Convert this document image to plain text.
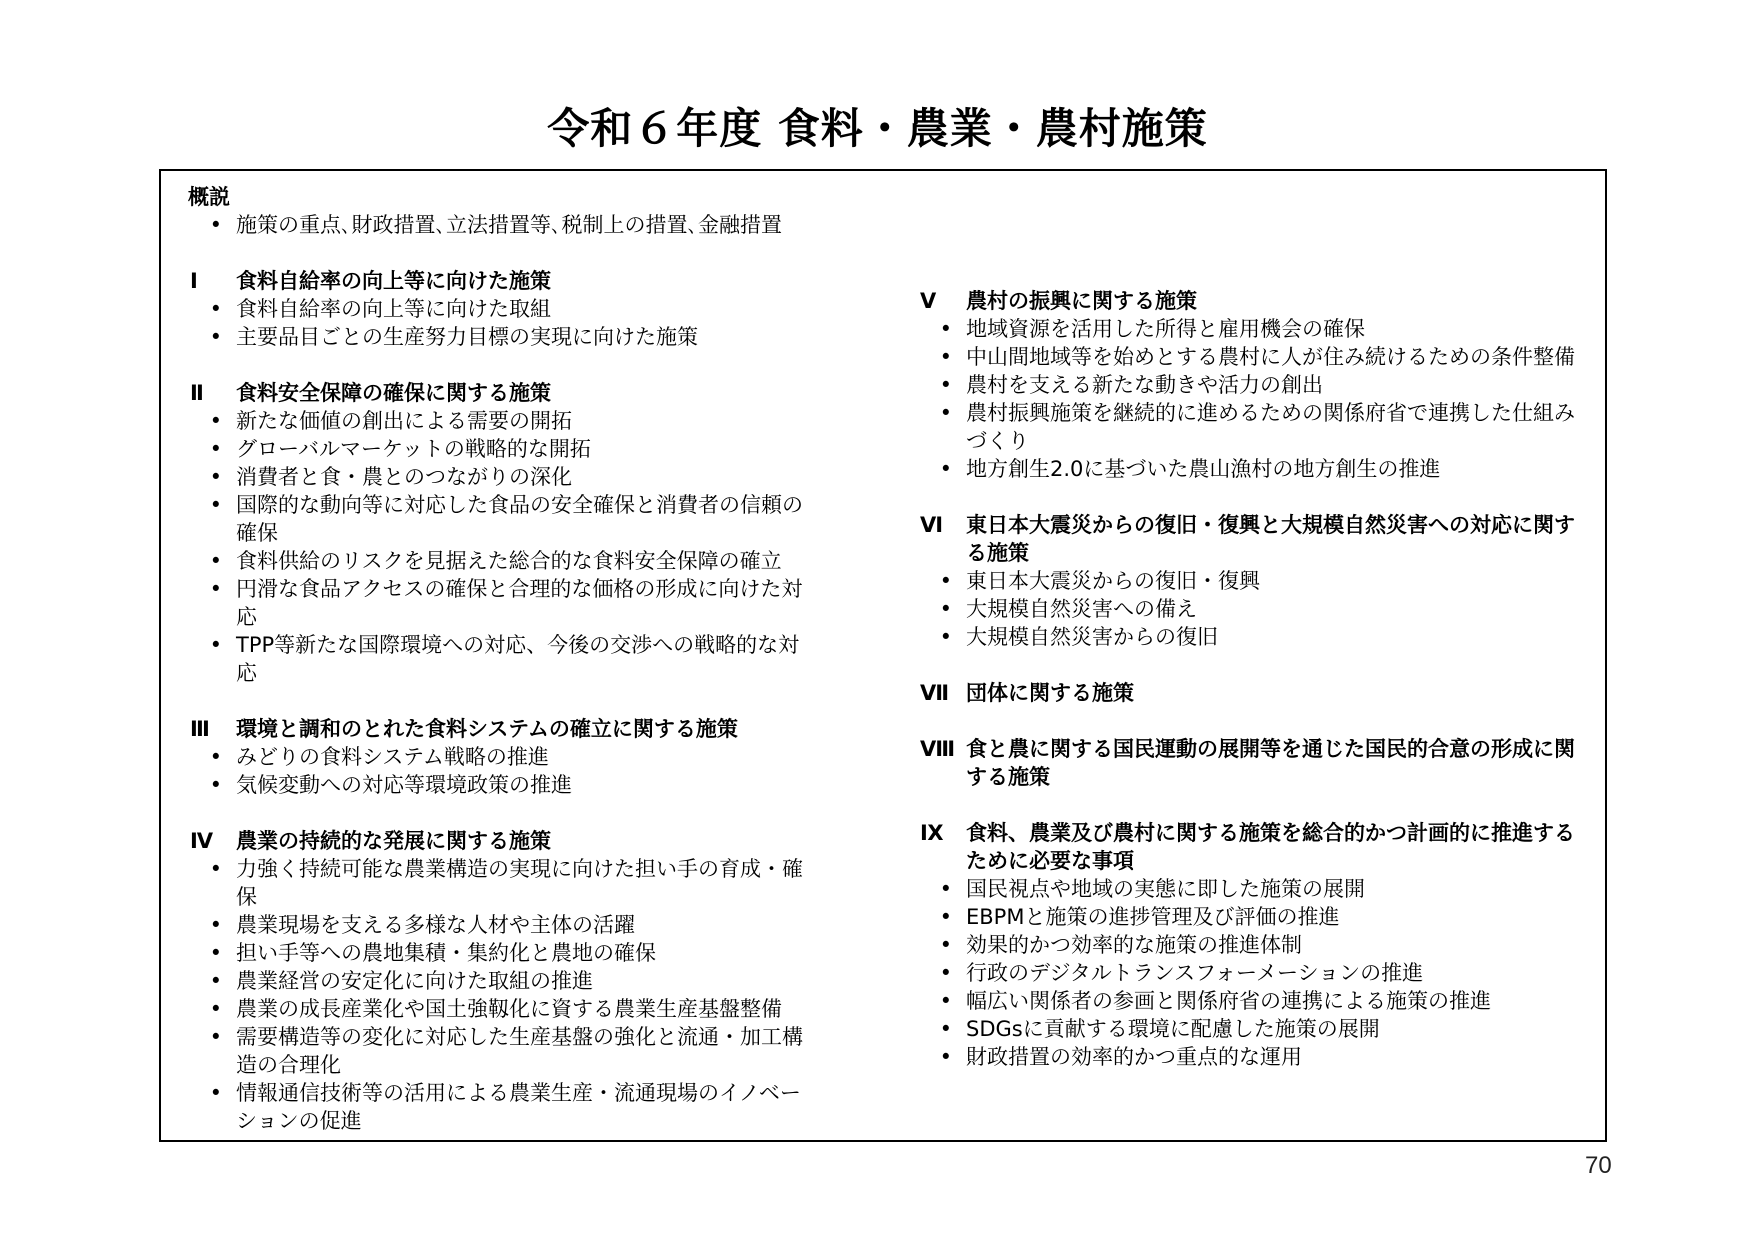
令和６年度 食料・農業・農村施策
概説
• 施策の重点､財政措置､立法措置等､税制上の措置､金融措置
Ⅰ	食料自給率の向上等に向けた施策
• 食料自給率の向上等に向けた取組
• 主要品目ごとの生産努力目標の実現に向けた施策
Ⅱ	食料安全保障の確保に関する施策
• 新たな価値の創出による需要の開拓
• グローバルマーケットの戦略的な開拓
• 消費者と食・農とのつながりの深化
• 国際的な動向等に対応した食品の安全確保と消費者の信頼の確保
• 食料供給のリスクを見据えた総合的な食料安全保障の確立
• 円滑な食品アクセスの確保と合理的な価格の形成に向けた対応
• TPP等新たな国際環境への対応、今後の交渉への戦略的な対応
Ⅲ	環境と調和のとれた食料システムの確立に関する施策
• みどりの食料システム戦略の推進
• 気候変動への対応等環境政策の推進
Ⅳ	農業の持続的な発展に関する施策
• 力強く持続可能な農業構造の実現に向けた担い手の育成・確保
• 農業現場を支える多様な人材や主体の活躍
• 担い手等への農地集積・集約化と農地の確保
• 農業経営の安定化に向けた取組の推進
• 農業の成長産業化や国土強靱化に資する農業生産基盤整備
• 需要構造等の変化に対応した生産基盤の強化と流通・加工構造の合理化
• 情報通信技術等の活用による農業生産・流通現場のイノベーションの促進
Ⅴ	農村の振興に関する施策
• 地域資源を活用した所得と雇用機会の確保
• 中山間地域等を始めとする農村に人が住み続けるための条件整備
• 農村を支える新たな動きや活力の創出
• 農村振興施策を継続的に進めるための関係府省で連携した仕組みづくり
• 地方創生2.0に基づいた農山漁村の地方創生の推進
Ⅵ	東日本大震災からの復旧・復興と大規模自然災害への対応に関する施策
• 東日本大震災からの復旧・復興
• 大規模自然災害への備え
• 大規模自然災害からの復旧
Ⅶ 団体に関する施策
Ⅷ 食と農に関する国民運動の展開等を通じた国民的合意の形成に関する施策
Ⅸ	食料、農業及び農村に関する施策を総合的かつ計画的に推進するために必要な事項
• 国民視点や地域の実態に即した施策の展開
• EBPMと施策の進捗管理及び評価の推進
• 効果的かつ効率的な施策の推進体制
• 行政のデジタルトランスフォーメーションの推進
• 幅広い関係者の参画と関係府省の連携による施策の推進
• SDGsに貢献する環境に配慮した施策の展開
• 財政措置の効率的かつ重点的な運用
70
